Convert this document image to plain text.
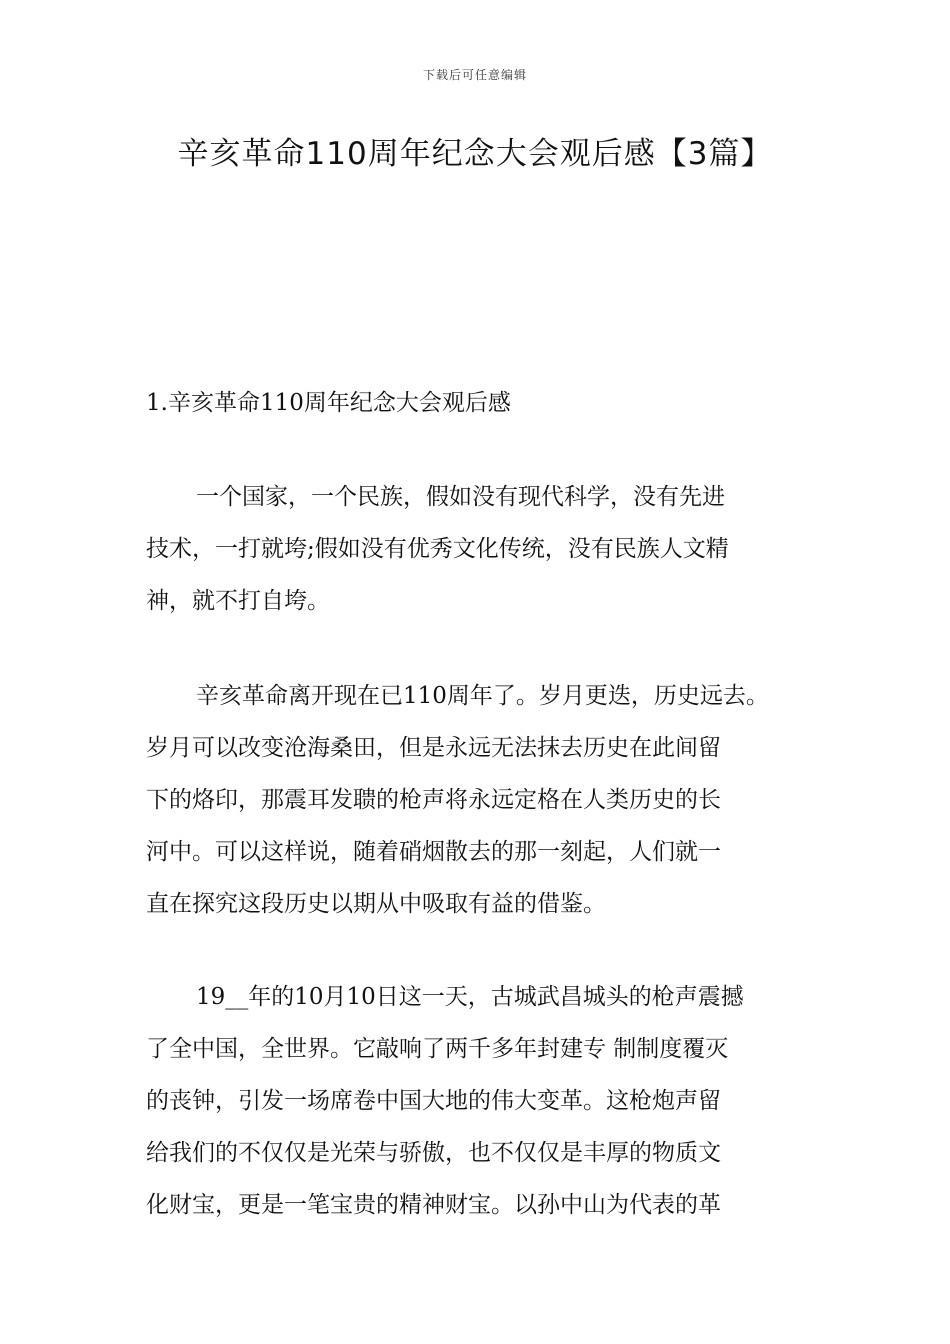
下载后可任意编辑
辛亥革命110周年纪念大会观后感【3篇】
1.辛亥革命110周年纪念大会观后感

一个国家，一个民族，假如没有现代科学，没有先进
技术，一打就垮;假如没有优秀文化传统，没有民族人文精
神，就不打自垮。

辛亥革命离开现在已110周年了。岁月更迭，历史远去。
岁月可以改变沧海桑田，但是永远无法抹去历史在此间留
下的烙印，那震耳发聩的枪声将永远定格在人类历史的长
河中。可以这样说，随着硝烟散去的那一刻起，人们就一
直在探究这段历史以期从中吸取有益的借鉴。

19__年的10月10日这一天，古城武昌城头的枪声震撼
了全中国，全世界。它敲响了两千多年封建专 制制度覆灭
的丧钟，引发一场席卷中国大地的伟大变革。这枪炮声留
给我们的不仅仅是光荣与骄傲，也不仅仅是丰厚的物质文
化财宝，更是一笔宝贵的精神财宝。以孙中山为代表的革
